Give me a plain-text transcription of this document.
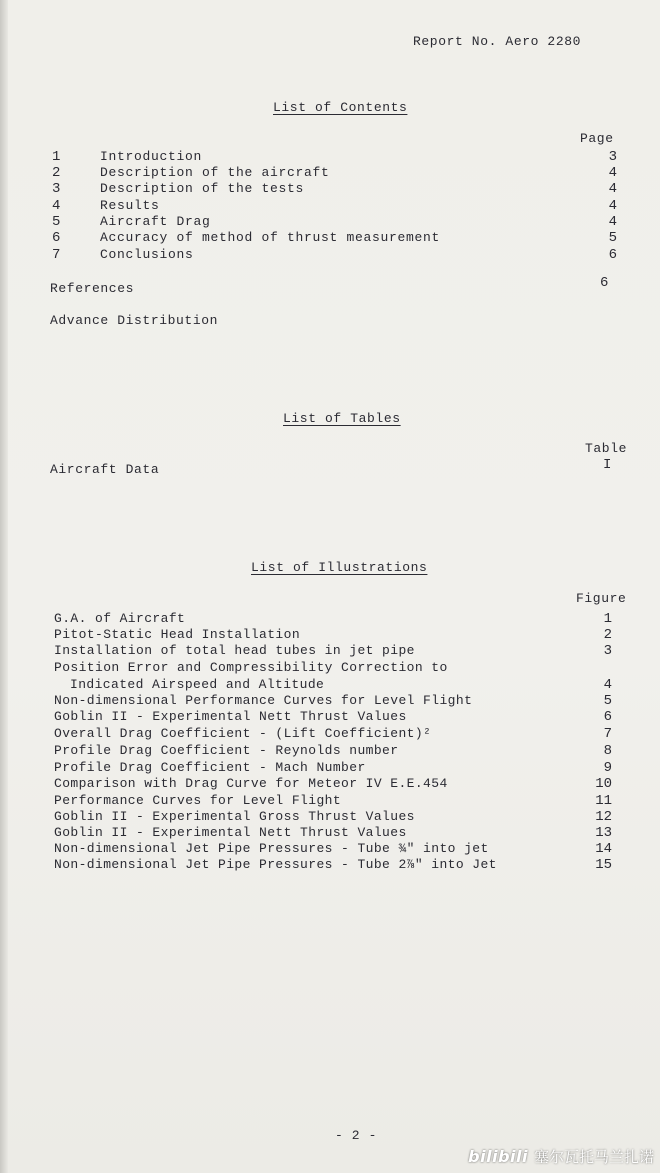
Report No. Aero 2280
List of Contents
Page
1	Introduction	3
2	Description of the aircraft	4
3	Description of the tests	4
4	Results	4
5	Aircraft Drag	4
6	Accuracy of method of thrust measurement	5
7	Conclusions	6
References	6
Advance Distribution
List of Tables
Table
Aircraft Data	I
List of Illustrations
Figure
G.A. of Aircraft	1
Pitot-Static Head Installation	2
Installation of total head tubes in jet pipe	3
Position Error and Compressibility Correction to
Indicated Airspeed and Altitude	4
Non-dimensional Performance Curves for Level Flight	5
Goblin II - Experimental Nett Thrust Values	6
Overall Drag Coefficient - (Lift Coefficient)²	7
Profile Drag Coefficient - Reynolds number	8
Profile Drag Coefficient - Mach Number	9
Comparison with Drag Curve for Meteor IV E.E.454	10
Performance Curves for Level Flight	11
Goblin II - Experimental Gross Thrust Values	12
Goblin II - Experimental Nett Thrust Values	13
Non-dimensional Jet Pipe Pressures - Tube ¾" into jet	14
Non-dimensional Jet Pipe Pressures - Tube 2⅞" into Jet	15
- 2 -
bilibili 塞尔瓦托马兰扎诺
